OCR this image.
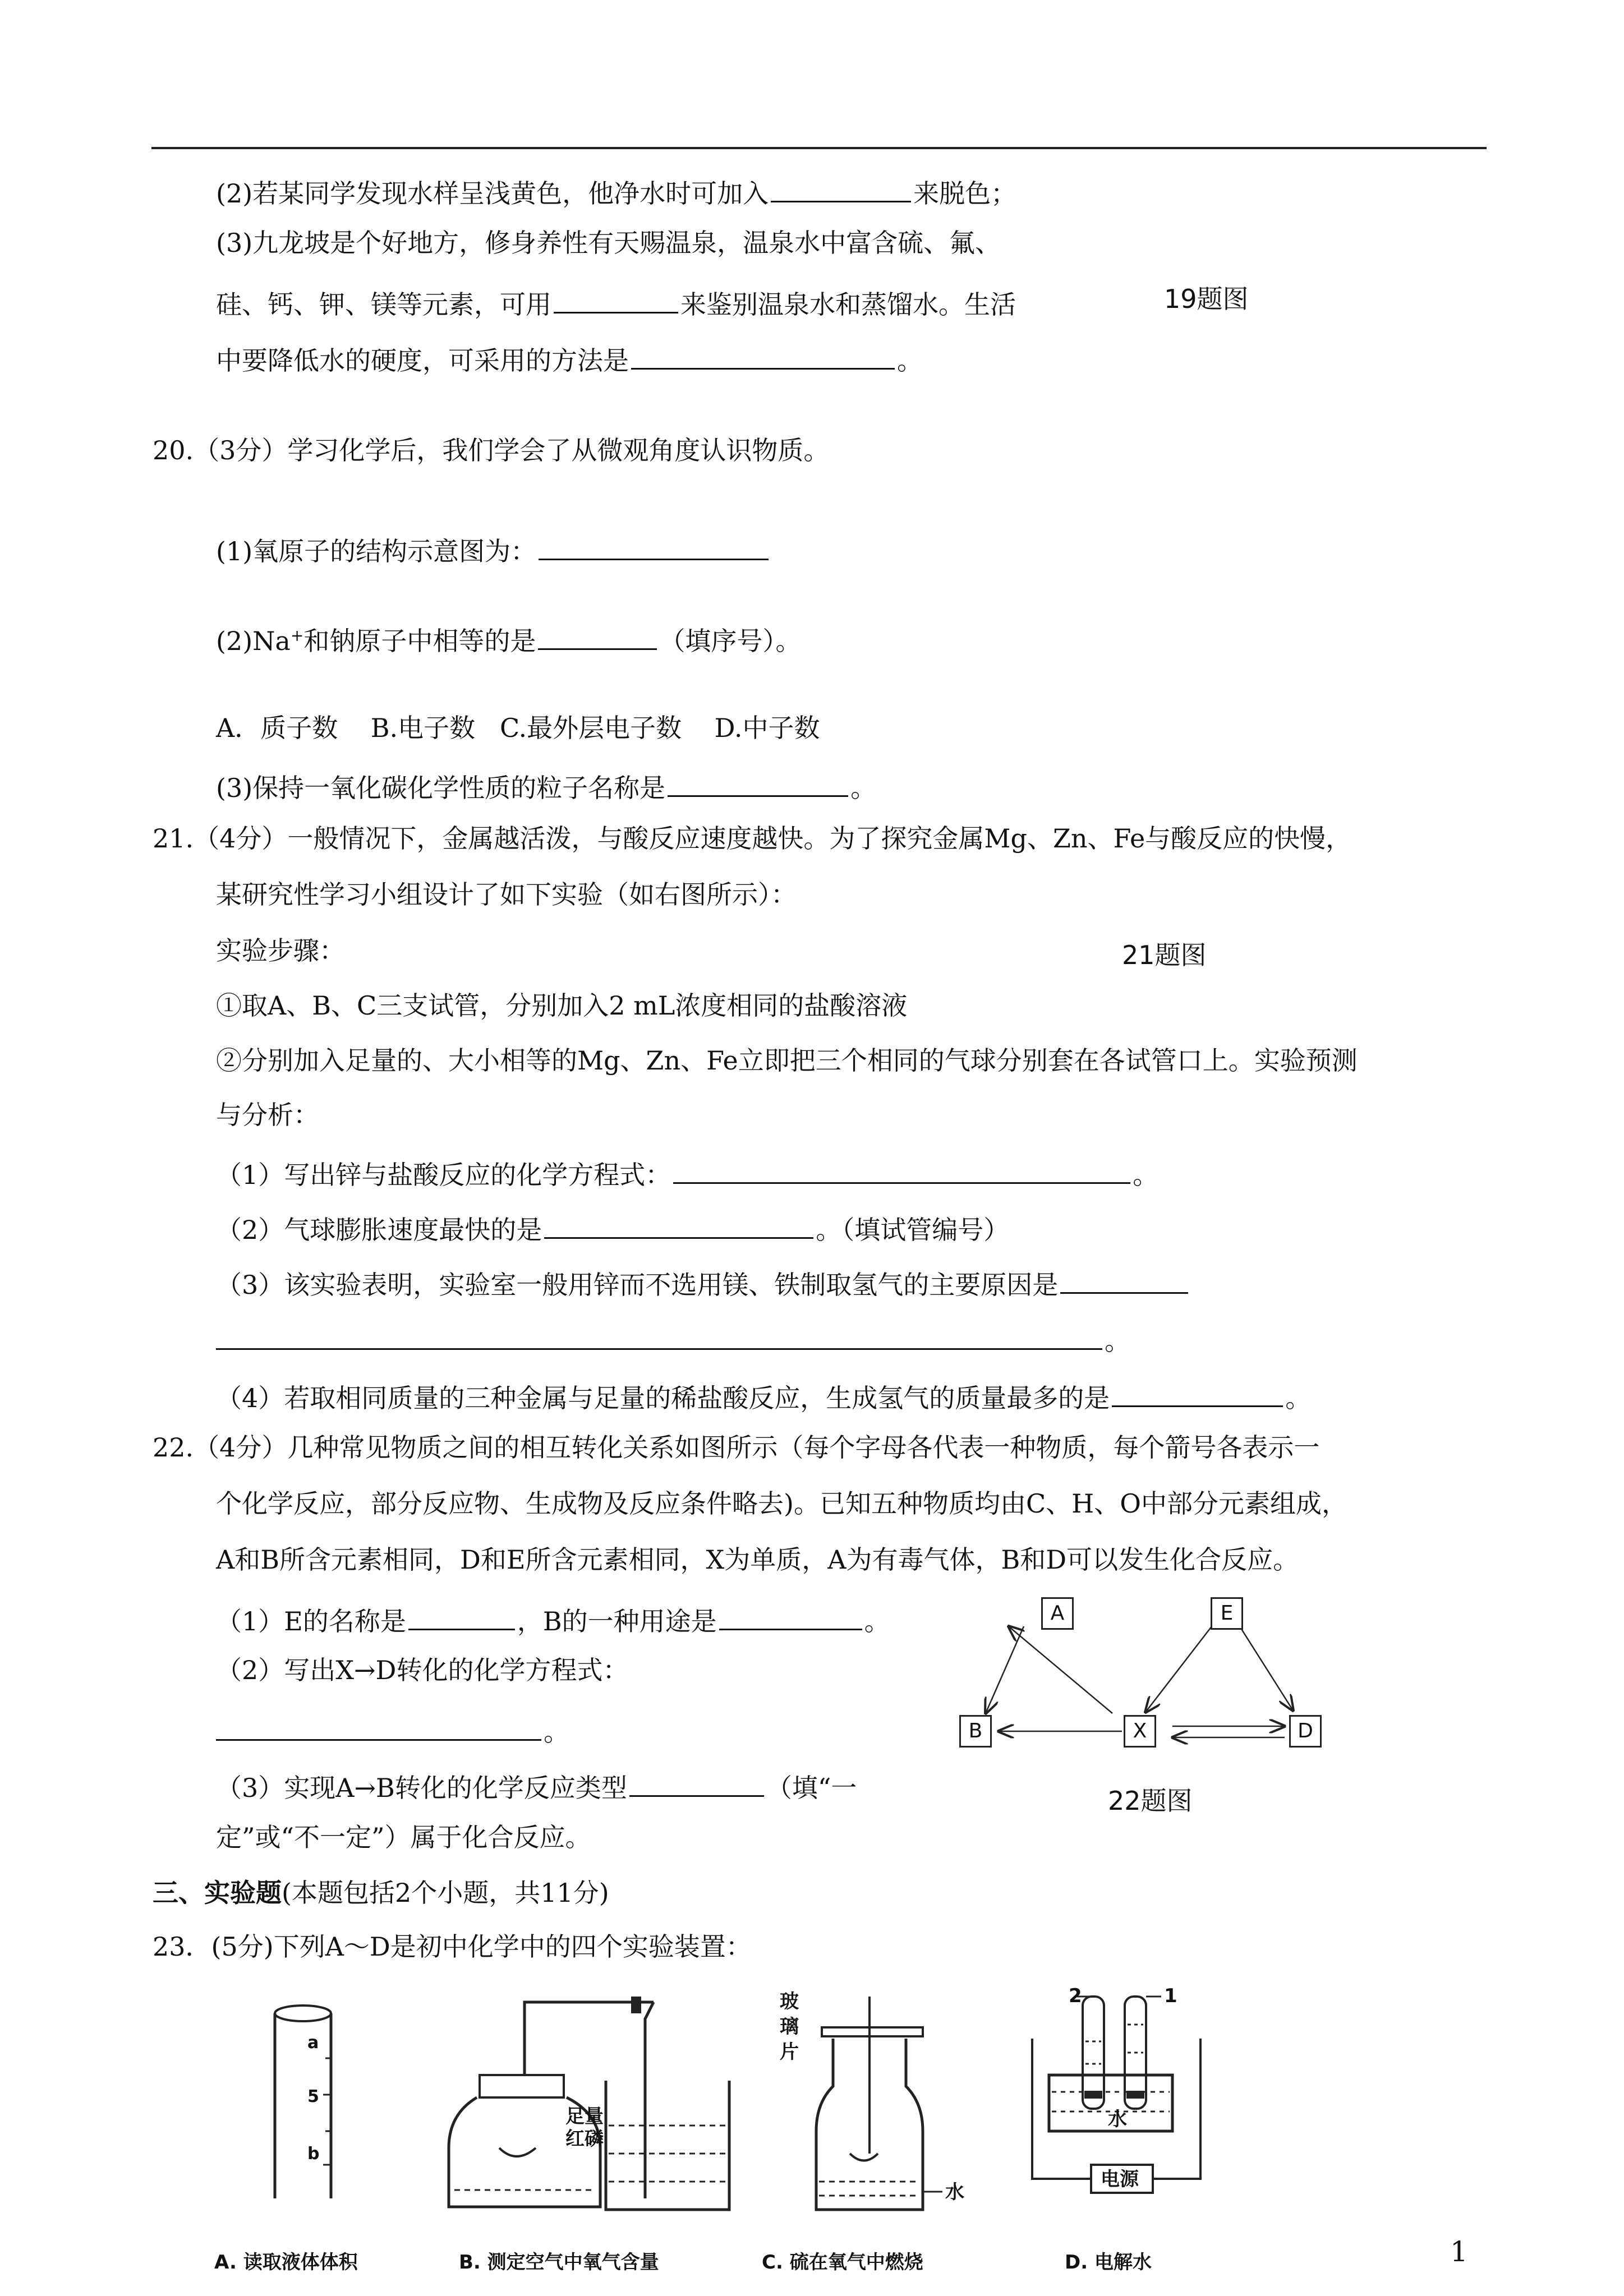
(2)若某同学发现水样呈浅黄色，他净水时可加入	来脱色；
(3)九龙坡是个好地方，修身养性有天赐温泉，温泉水中富含硫、氟、
硅、钙、钾、镁等元素，可用	来鉴别温泉水和蒸馏水。生活	19题图
中要降低水的硬度，可采用的方法是	。
20.（3分）学习化学后，我们学会了从微观角度认识物质。
(1)氧原子的结构示意图为：
(2)Na+和钠原子中相等的是	（填序号）。
A．质子数    B.电子数   C.最外层电子数    D.中子数
(3)保持一氧化碳化学性质的粒子名称是	。
21.（4分）一般情况下，金属越活泼，与酸反应速度越快。为了探究金属Mg、Zn、Fe与酸反应的快慢，
某研究性学习小组设计了如下实验（如右图所示）：
实验步骤：	21题图
①取A、B、C三支试管，分别加入2 mL浓度相同的盐酸溶液
②分别加入足量的、大小相等的Mg、Zn、Fe立即把三个相同的气球分别套在各试管口上。实验预测
与分析：
（1）写出锌与盐酸反应的化学方程式：	。
（2）气球膨胀速度最快的是	。（填试管编号）
（3）该实验表明，实验室一般用锌而不选用镁、铁制取氢气的主要原因是
。
（4）若取相同质量的三种金属与足量的稀盐酸反应，生成氢气的质量最多的是	。
22.（4分）几种常见物质之间的相互转化关系如图所示（每个字母各代表一种物质，每个箭号各表示一
个化学反应，部分反应物、生成物及反应条件略去)。已知五种物质均由C、H、O中部分元素组成，
A和B所含元素相同，D和E所含元素相同，X为单质，A为有毒气体，B和D可以发生化合反应。
（1）E的名称是	，B的一种用途是	。
（2）写出X→D转化的化学方程式：
。
（3）实现A→B转化的化学反应类型	（填“一
定”或“不一定”）属于化合反应。
A	E
B	X	D
22题图
三、实验题(本题包括2个小题，共11分)
23．(5分)下列A～D是初中化学中的四个实验装置：
a
5
b
A. 读取液体体积
足量
红磷
B. 测定空气中氧气含量
玻
璃
片
水
C. 硫在氧气中燃烧
2	1
水
电源
D. 电解水	1
